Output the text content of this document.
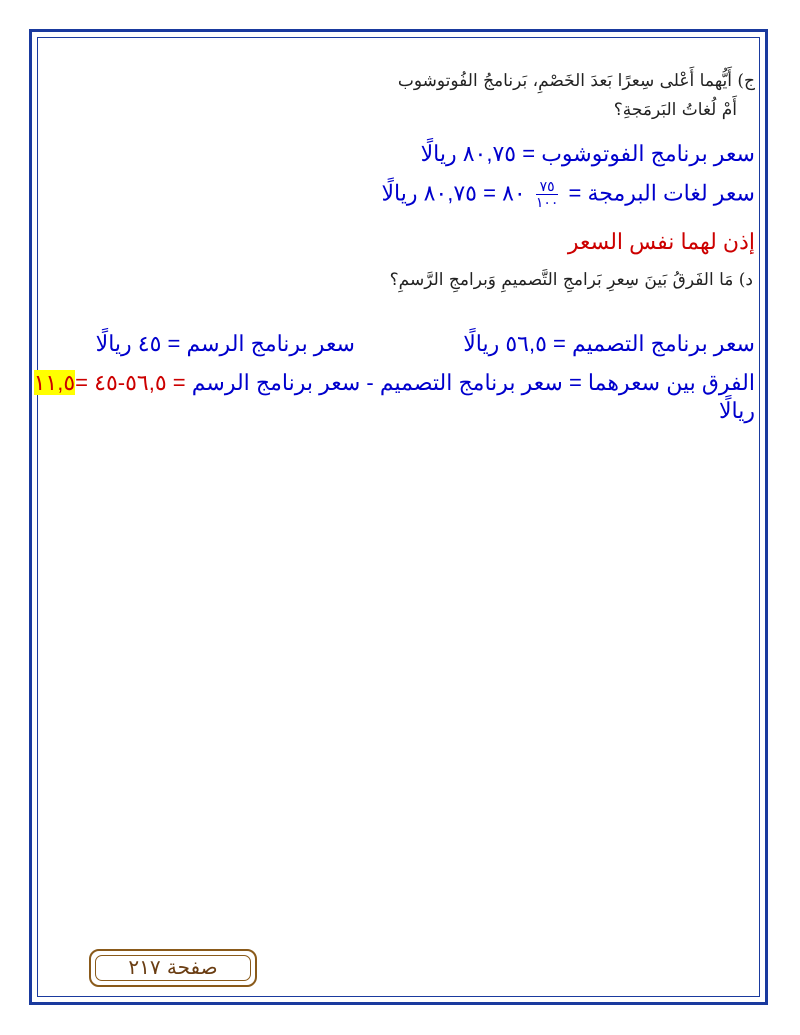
ج) أَيُّهما أَعْلى سِعرًا بَعدَ الخَصْمِ، بَرنامجُ الفُوتوشوب
أَمْ لُغاتُ البَرمَجةِ؟
سعر برنامج الفوتوشوب = ٨٠,٧٥ ريالًا
سعر لغات البرمجة =
$\frac{٧٥}{١٠٠}$
٨٠ = ٨٠,٧٥ ريالًا
إذن لهما نفس السعر
د) مَا الفَرقُ بَينَ سِعرِ بَرامجِ التَّصميمِ وَبرامجِ الرَّسمِ؟
سعر برنامج التصميم = ٥٦,٥ ريالًا
سعر برنامج الرسم = ٤٥ ريالًا
الفرق بين سعرهما = سعر برنامج التصميم - سعر برنامج الرسم = ٥٦,٥-٤٥ =١١,٥
ريالًا
صفحة ٢١٧
